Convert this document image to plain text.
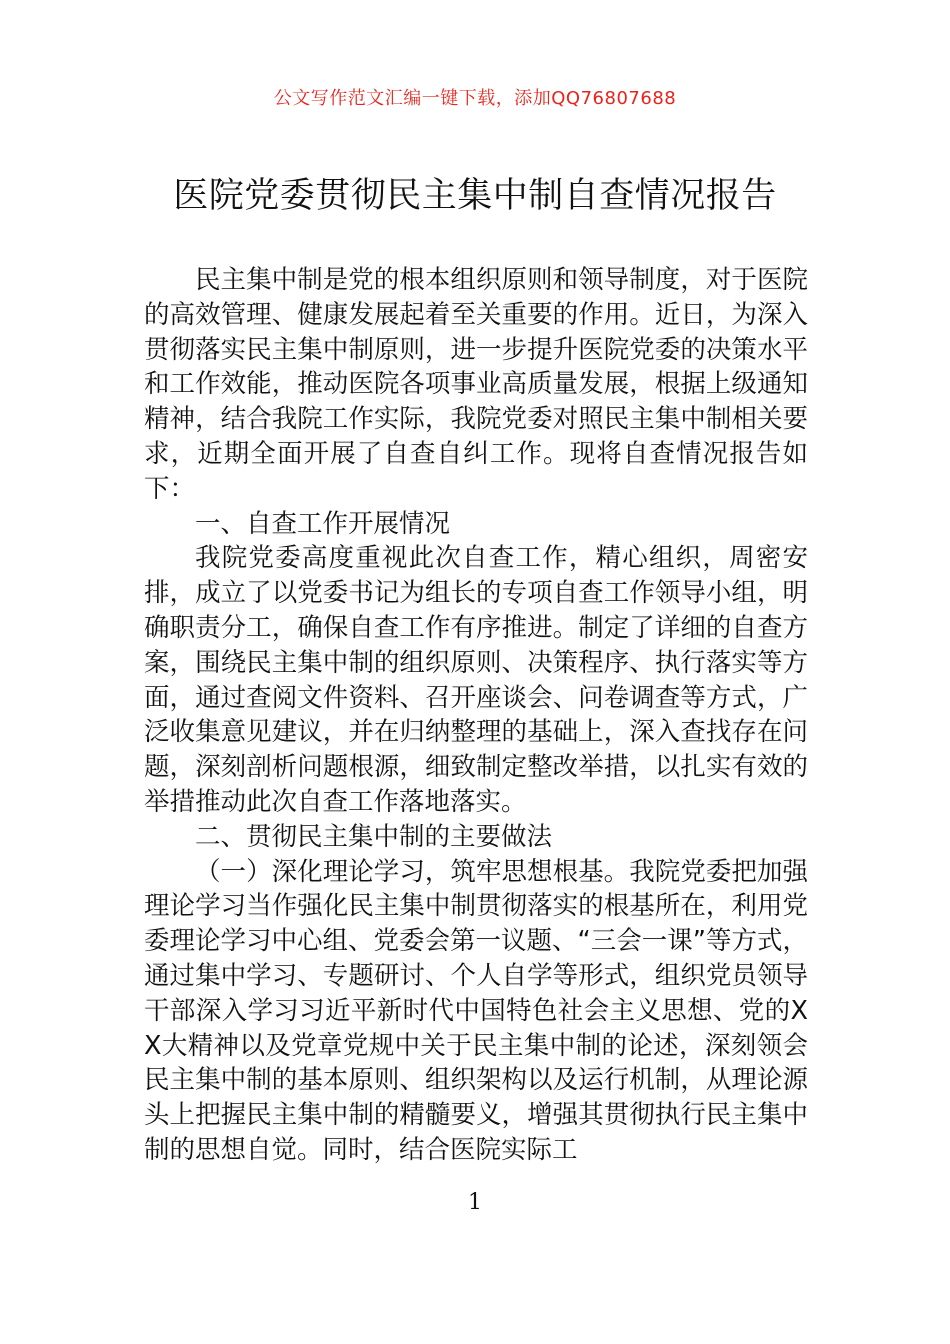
公文写作范文汇编一键下载，添加QQ76807688
医院党委贯彻民主集中制自查情况报告

民主集中制是党的根本组织原则和领导制度，对于医院的高效管理、健康发展起着至关重要的作用。近日，为深入贯彻落实民主集中制原则，进一步提升医院党委的决策水平和工作效能，推动医院各项事业高质量发展，根据上级通知精神，结合我院工作实际，我院党委对照民主集中制相关要求，近期全面开展了自查自纠工作。现将自查情况报告如下：

一、自查工作开展情况

我院党委高度重视此次自查工作，精心组织，周密安排，成立了以党委书记为组长的专项自查工作领导小组，明确职责分工，确保自查工作有序推进。制定了详细的自查方案，围绕民主集中制的组织原则、决策程序、执行落实等方面，通过查阅文件资料、召开座谈会、问卷调查等方式，广泛收集意见建议，并在归纳整理的基础上，深入查找存在问题，深刻剖析问题根源，细致制定整改举措，以扎实有效的举措推动此次自查工作落地落实。

二、贯彻民主集中制的主要做法

（一）深化理论学习，筑牢思想根基。我院党委把加强理论学习当作强化民主集中制贯彻落实的根基所在，利用党委理论学习中心组、党委会第一议题、“三会一课”等方式，通过集中学习、专题研讨、个人自学等形式，组织党员领导干部深入学习习近平新时代中国特色社会主义思想、党的XX大精神以及党章党规中关于民主集中制的论述，深刻领会民主集中制的基本原则、组织架构以及运行机制，从理论源头上把握民主集中制的精髓要义，增强其贯彻执行民主集中制的思想自觉。同时，结合医院实际工

1
